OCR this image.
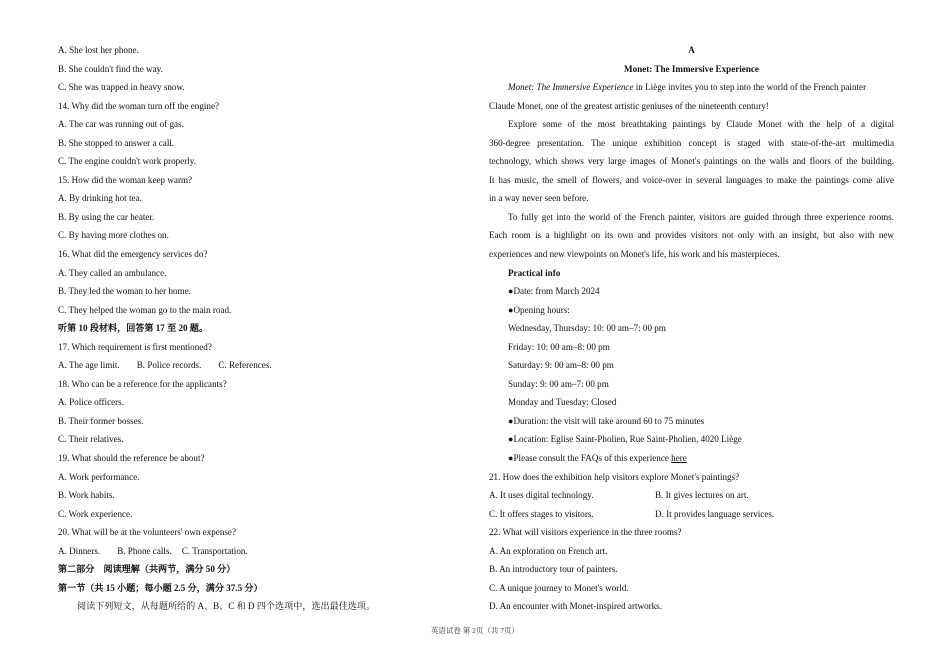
A. She lost her phone.
B. She couldn't find the way.
C. She was trapped in heavy snow.
14. Why did the woman turn off the engine?
A. The car was running out of gas.
B. She stopped to answer a call.
C. The engine couldn't work properly.
15. How did the woman keep warm?
A. By drinking hot tea.
B. By using the car heater.
C. By having more clothes on.
16. What did the emergency services do?
A. They called an ambulance.
B. They led the woman to her home.
C. They helped the woman go to the main road.
听第 10 段材料，回答第 17 至 20 题。
17. Which requirement is first mentioned?
A. The age limit. B. Police records. C. References.
18. Who can be a reference for the applicants?
A. Police officers.
B. Their former bosses.
C. Their relatives.
19. What should the reference be about?
A. Work performance.
B. Work habits.
C. Work experience.
20. What will be at the volunteers' own expense?
A. Dinners. B. Phone calls. C. Transportation.
第二部分　阅读理解（共两节，满分 50 分）
第一节（共 15 小题；每小题 2.5 分，满分 37.5 分）
阅读下列短文，从每题所给的 A、B、C 和 D 四个选项中，选出最佳选项。
A
Monet: The Immersive Experience
Monet: The Immersive Experience in Liège invites you to step into the world of the French painter
Claude Monet, one of the greatest artistic geniuses of the nineteenth century!
Explore some of the most breathtaking paintings by Claude Monet with the help of a digital
360-degree presentation. The unique exhibition concept is staged with state-of-the-art multimedia
technology, which shows very large images of Monet's paintings on the walls and floors of the building.
It has music, the smell of flowers, and voice-over in several languages to make the paintings come alive
in a way never seen before.
To fully get into the world of the French painter, visitors are guided through three experience rooms.
Each room is a highlight on its own and provides visitors not only with an insight, but also with new
experiences and new viewpoints on Monet's life, his work and his masterpieces.
Practical info
●Date: from March 2024
●Opening hours:
Wednesday, Thursday: 10: 00 am–7: 00 pm
Friday: 10: 00 am–8: 00 pm
Saturday: 9: 00 am–8: 00 pm
Sunday: 9: 00 am–7: 00 pm
Monday and Tuesday: Closed
●Duration: the visit will take around 60 to 75 minutes
●Location: Eglise Saint-Pholien, Rue Saint-Pholien, 4020 Liège
●Please consult the FAQs of this experience here
21. How does the exhibition help visitors explore Monet's paintings?
A. It uses digital technology.	B. It gives lectures on art.
C. It offers stages to visitors.	D. It provides language services.
22. What will visitors experience in the three rooms?
A. An exploration on French art.
B. An introductory tour of painters.
C. A unique journey to Monet's world.
D. An encounter with Monet-inspired artworks.
英语试卷 第 2页（共 7页）
